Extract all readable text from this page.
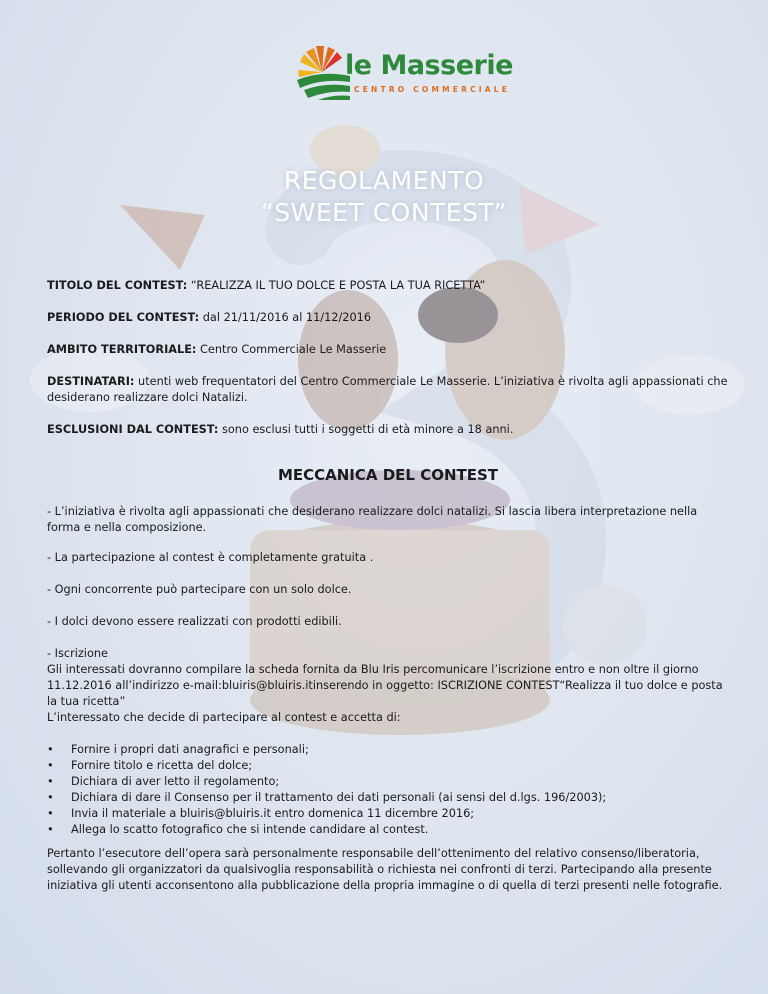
le Masserie
CENTRO COMMERCIALE
REGOLAMENTO
“SWEET CONTEST”
TITOLO DEL CONTEST: “REALIZZA IL TUO DOLCE E POSTA LA TUA RICETTA”
PERIODO DEL CONTEST: dal 21/11/2016 al 11/12/2016
AMBITO TERRITORIALE: Centro Commerciale Le Masserie
DESTINATARI: utenti web frequentatori del Centro Commerciale Le Masserie. L’iniziativa è rivolta agli appassionati che desiderano realizzare dolci Natalizi.
ESCLUSIONI DAL CONTEST: sono esclusi tutti i soggetti di età minore a 18 anni.
MECCANICA DEL CONTEST
- L’iniziativa è rivolta agli appassionati che desiderano realizzare dolci natalizi. Si lascia libera interpretazione nella forma e nella composizione.
- La partecipazione al contest è completamente gratuita .
- Ogni concorrente può partecipare con un solo dolce.
- I dolci devono essere realizzati con prodotti edibili.
- Iscrizione
Gli interessati dovranno compilare la scheda fornita da Blu Iris percomunicare l’iscrizione entro e non oltre il giorno 11.12.2016 all’indirizzo e-mail:bluiris@bluiris.itinserendo in oggetto: ISCRIZIONE CONTEST“Realizza il tuo dolce e posta la tua ricetta”
L’interessato che decide di partecipare al contest e accetta di:
• Fornire i propri dati anagrafici e personali;
• Fornire titolo e ricetta del dolce;
• Dichiara di aver letto il regolamento;
• Dichiara di dare il Consenso per il trattamento dei dati personali (ai sensi del d.lgs. 196/2003);
• Invia il materiale a bluiris@bluiris.it entro domenica 11 dicembre 2016;
• Allega lo scatto fotografico che si intende candidare al contest.
Pertanto l’esecutore dell’opera sarà personalmente responsabile dell’ottenimento del relativo consenso/liberatoria, sollevando gli organizzatori da qualsivoglia responsabilità o richiesta nei confronti di terzi. Partecipando alla presente iniziativa gli utenti acconsentono alla pubblicazione della propria immagine o di quella di terzi presenti nelle fotografie.
